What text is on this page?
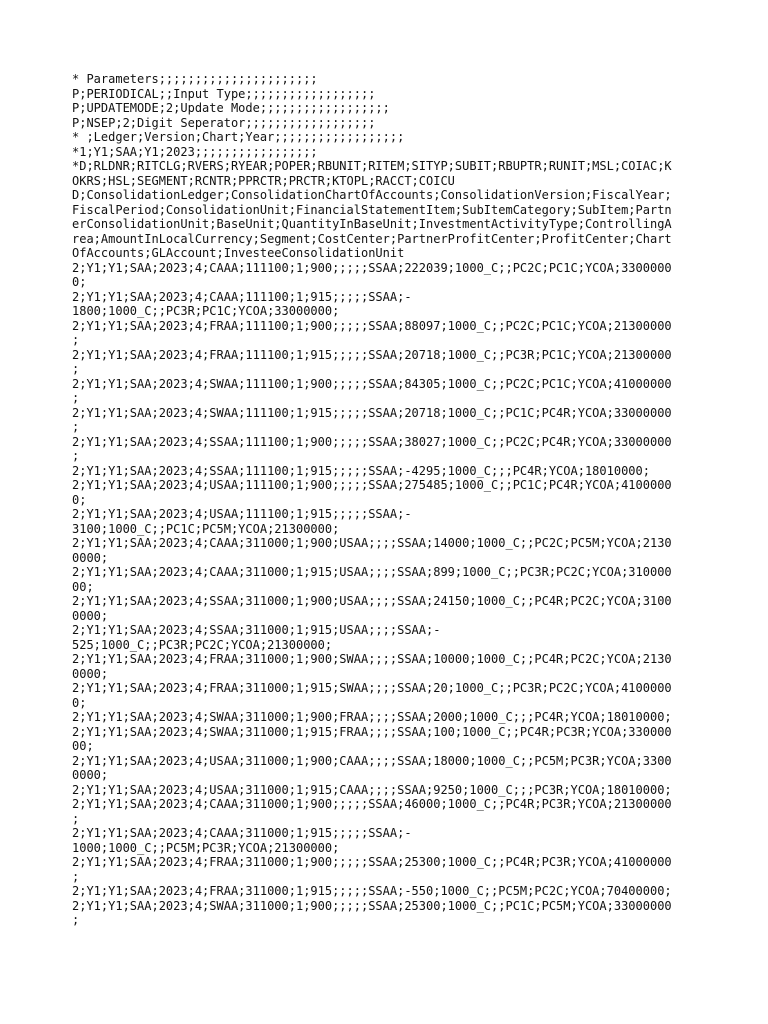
* Parameters;;;;;;;;;;;;;;;;;;;;;;
P;PERIODICAL;;Input Type;;;;;;;;;;;;;;;;;;
P;UPDATEMODE;2;Update Mode;;;;;;;;;;;;;;;;;;
P;NSEP;2;Digit Seperator;;;;;;;;;;;;;;;;;;
* ;Ledger;Version;Chart;Year;;;;;;;;;;;;;;;;;;
*1;Y1;SAA;Y1;2023;;;;;;;;;;;;;;;;;
*D;RLDNR;RITCLG;RVERS;RYEAR;POPER;RBUNIT;RITEM;SITYP;SUBIT;RBUPTR;RUNIT;MSL;COIAC;K
OKRS;HSL;SEGMENT;RCNTR;PPRCTR;PRCTR;KTOPL;RACCT;COICU
D;ConsolidationLedger;ConsolidationChartOfAccounts;ConsolidationVersion;FiscalYear;
FiscalPeriod;ConsolidationUnit;FinancialStatementItem;SubItemCategory;SubItem;Partn
erConsolidationUnit;BaseUnit;QuantityInBaseUnit;InvestmentActivityType;ControllingA
rea;AmountInLocalCurrency;Segment;CostCenter;PartnerProfitCenter;ProfitCenter;Chart
OfAccounts;GLAccount;InvesteeConsolidationUnit
2;Y1;Y1;SAA;2023;4;CAAA;111100;1;900;;;;;SSAA;222039;1000_C;;PC2C;PC1C;YCOA;3300000
0;
2;Y1;Y1;SAA;2023;4;CAAA;111100;1;915;;;;;SSAA;-
1800;1000_C;;PC3R;PC1C;YCOA;33000000;
2;Y1;Y1;SAA;2023;4;FRAA;111100;1;900;;;;;SSAA;88097;1000_C;;PC2C;PC1C;YCOA;21300000
;
2;Y1;Y1;SAA;2023;4;FRAA;111100;1;915;;;;;SSAA;20718;1000_C;;PC3R;PC1C;YCOA;21300000
;
2;Y1;Y1;SAA;2023;4;SWAA;111100;1;900;;;;;SSAA;84305;1000_C;;PC2C;PC1C;YCOA;41000000
;
2;Y1;Y1;SAA;2023;4;SWAA;111100;1;915;;;;;SSAA;20718;1000_C;;PC1C;PC4R;YCOA;33000000
;
2;Y1;Y1;SAA;2023;4;SSAA;111100;1;900;;;;;SSAA;38027;1000_C;;PC2C;PC4R;YCOA;33000000
;
2;Y1;Y1;SAA;2023;4;SSAA;111100;1;915;;;;;SSAA;-4295;1000_C;;;PC4R;YCOA;18010000;
2;Y1;Y1;SAA;2023;4;USAA;111100;1;900;;;;;SSAA;275485;1000_C;;PC1C;PC4R;YCOA;4100000
0;
2;Y1;Y1;SAA;2023;4;USAA;111100;1;915;;;;;SSAA;-
3100;1000_C;;PC1C;PC5M;YCOA;21300000;
2;Y1;Y1;SAA;2023;4;CAAA;311000;1;900;USAA;;;;SSAA;14000;1000_C;;PC2C;PC5M;YCOA;2130
0000;
2;Y1;Y1;SAA;2023;4;CAAA;311000;1;915;USAA;;;;SSAA;899;1000_C;;PC3R;PC2C;YCOA;310000
00;
2;Y1;Y1;SAA;2023;4;SSAA;311000;1;900;USAA;;;;SSAA;24150;1000_C;;PC4R;PC2C;YCOA;3100
0000;
2;Y1;Y1;SAA;2023;4;SSAA;311000;1;915;USAA;;;;SSAA;-
525;1000_C;;PC3R;PC2C;YCOA;21300000;
2;Y1;Y1;SAA;2023;4;FRAA;311000;1;900;SWAA;;;;SSAA;10000;1000_C;;PC4R;PC2C;YCOA;2130
0000;
2;Y1;Y1;SAA;2023;4;FRAA;311000;1;915;SWAA;;;;SSAA;20;1000_C;;PC3R;PC2C;YCOA;4100000
0;
2;Y1;Y1;SAA;2023;4;SWAA;311000;1;900;FRAA;;;;SSAA;2000;1000_C;;;PC4R;YCOA;18010000;
2;Y1;Y1;SAA;2023;4;SWAA;311000;1;915;FRAA;;;;SSAA;100;1000_C;;PC4R;PC3R;YCOA;330000
00;
2;Y1;Y1;SAA;2023;4;USAA;311000;1;900;CAAA;;;;SSAA;18000;1000_C;;PC5M;PC3R;YCOA;3300
0000;
2;Y1;Y1;SAA;2023;4;USAA;311000;1;915;CAAA;;;;SSAA;9250;1000_C;;;PC3R;YCOA;18010000;
2;Y1;Y1;SAA;2023;4;CAAA;311000;1;900;;;;;SSAA;46000;1000_C;;PC4R;PC3R;YCOA;21300000
;
2;Y1;Y1;SAA;2023;4;CAAA;311000;1;915;;;;;SSAA;-
1000;1000_C;;PC5M;PC3R;YCOA;21300000;
2;Y1;Y1;SAA;2023;4;FRAA;311000;1;900;;;;;SSAA;25300;1000_C;;PC4R;PC3R;YCOA;41000000
;
2;Y1;Y1;SAA;2023;4;FRAA;311000;1;915;;;;;SSAA;-550;1000_C;;PC5M;PC2C;YCOA;70400000;
2;Y1;Y1;SAA;2023;4;SWAA;311000;1;900;;;;;SSAA;25300;1000_C;;PC1C;PC5M;YCOA;33000000
;
